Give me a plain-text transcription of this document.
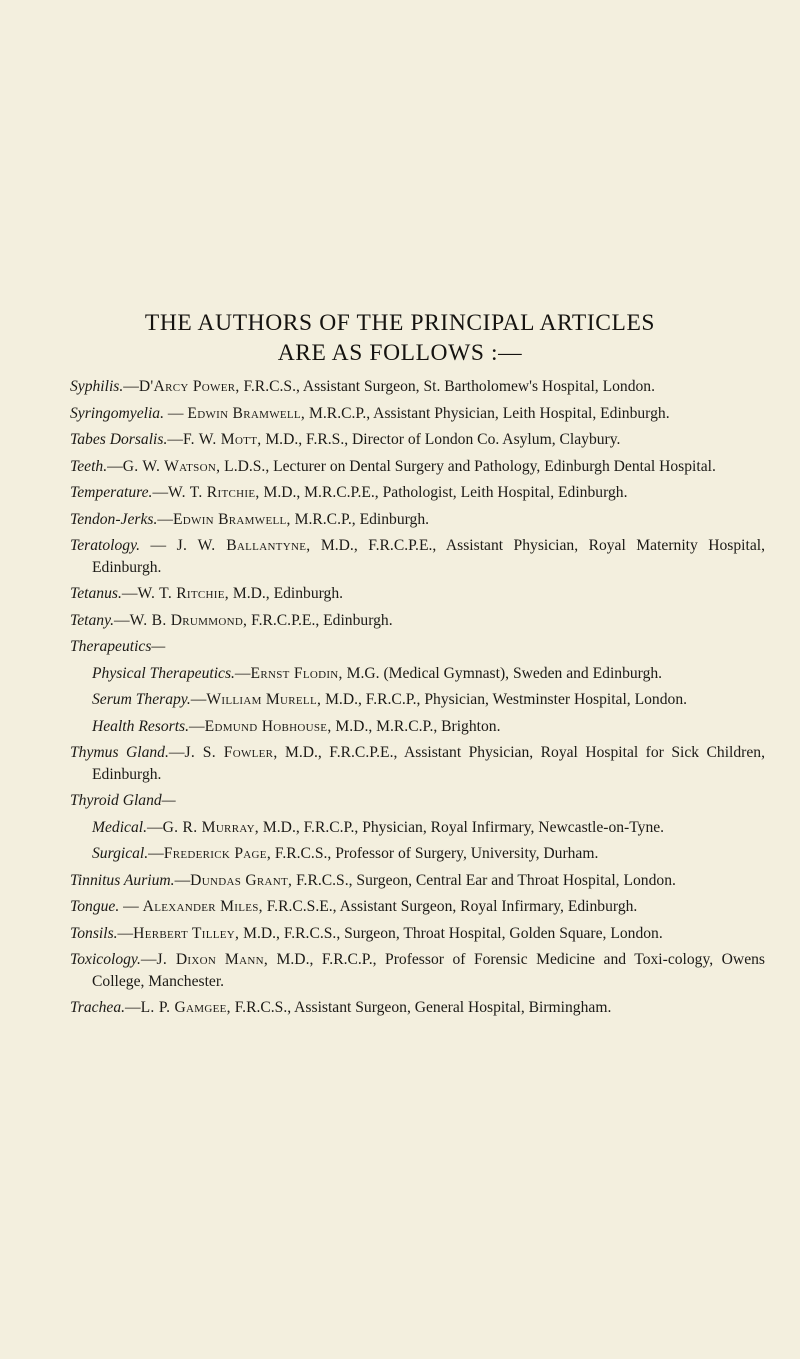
THE AUTHORS OF THE PRINCIPAL ARTICLES
ARE AS FOLLOWS :—

Syphilis.—D'Arcy Power, F.R.C.S., Assistant Surgeon, St. Bartholomew's Hospital, London.

Syringomyelia. — Edwin Bramwell, M.R.C.P., Assistant Physician, Leith Hospital, Edinburgh.

Tabes Dorsalis.—F. W. Mott, M.D., F.R.S., Director of London Co. Asylum, Claybury.

Teeth.—G. W. Watson, L.D.S., Lecturer on Dental Surgery and Pathology, Edinburgh Dental Hospital.

Temperature.—W. T. Ritchie, M.D., M.R.C.P.E., Pathologist, Leith Hospital, Edinburgh.

Tendon-Jerks.—Edwin Bramwell, M.R.C.P., Edinburgh.

Teratology. — J. W. Ballantyne, M.D., F.R.C.P.E., Assistant Physician, Royal Maternity Hospital, Edinburgh.

Tetanus.—W. T. Ritchie, M.D., Edinburgh.

Tetany.—W. B. Drummond, F.R.C.P.E., Edinburgh.

Therapeutics—

Physical Therapeutics.—Ernst Flodin, M.G. (Medical Gymnast), Sweden and Edinburgh.

Serum Therapy.—William Murell, M.D., F.R.C.P., Physician, Westminster Hospital, London.

Health Resorts.—Edmund Hobhouse, M.D., M.R.C.P., Brighton.

Thymus Gland.—J. S. Fowler, M.D., F.R.C.P.E., Assistant Physician, Royal Hospital for Sick Children, Edinburgh.

Thyroid Gland—

Medical.—G. R. Murray, M.D., F.R.C.P., Physician, Royal Infirmary, Newcastle-on-Tyne.

Surgical.—Frederick Page, F.R.C.S., Professor of Surgery, University, Durham.

Tinnitus Aurium.—Dundas Grant, F.R.C.S., Surgeon, Central Ear and Throat Hospital, London.

Tongue. — Alexander Miles, F.R.C.S.E., Assistant Surgeon, Royal Infirmary, Edinburgh.

Tonsils.—Herbert Tilley, M.D., F.R.C.S., Surgeon, Throat Hospital, Golden Square, London.

Toxicology.—J. Dixon Mann, M.D., F.R.C.P., Professor of Forensic Medicine and Toxi-cology, Owens College, Manchester.

Trachea.—L. P. Gamgee, F.R.C.S., Assistant Surgeon, General Hospital, Birmingham.
